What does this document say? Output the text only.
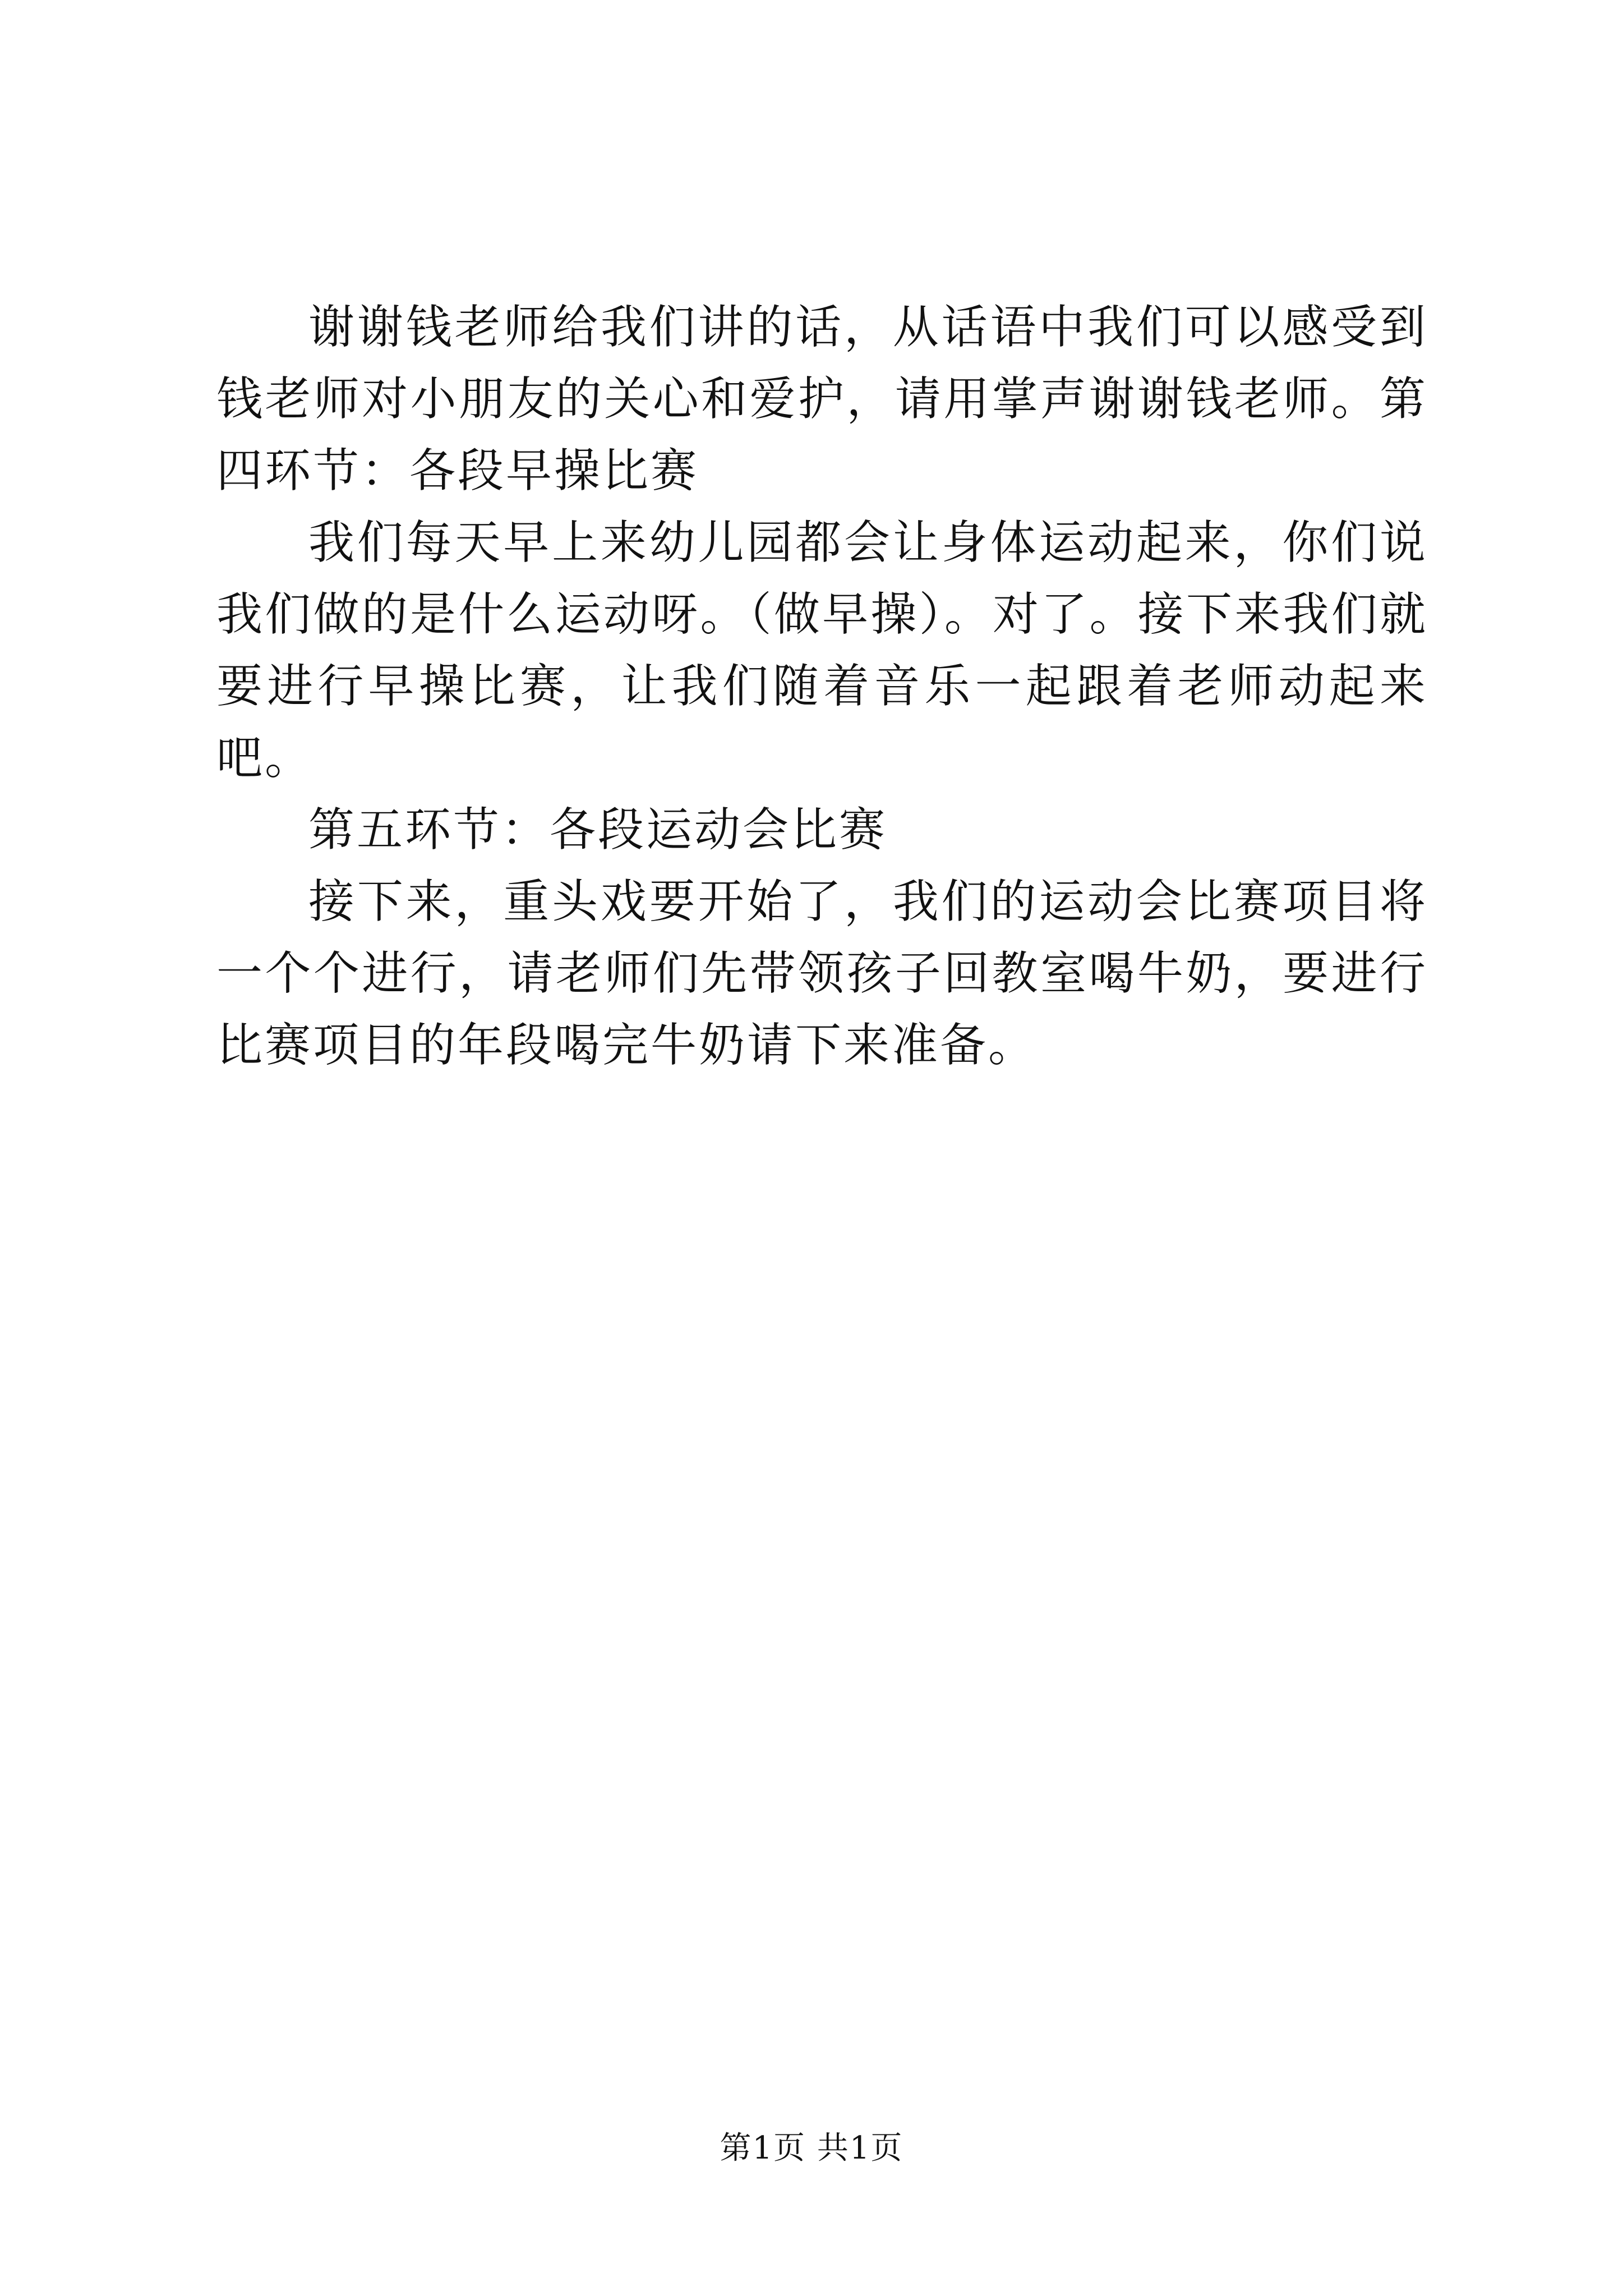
谢谢钱老师给我们讲的话，从话语中我们可以感受到钱老师对小朋友的关心和爱护，请用掌声谢谢钱老师。第四环节：各段早操比赛

我们每天早上来幼儿园都会让身体运动起来，你们说我们做的是什么运动呀。（做早操）。对了。接下来我们就要进行早操比赛，让我们随着音乐一起跟着老师动起来吧。

第五环节：各段运动会比赛

接下来，重头戏要开始了，我们的运动会比赛项目将一个个进行，请老师们先带领孩子回教室喝牛奶，要进行比赛项目的年段喝完牛奶请下来准备。

第1页 共1页
